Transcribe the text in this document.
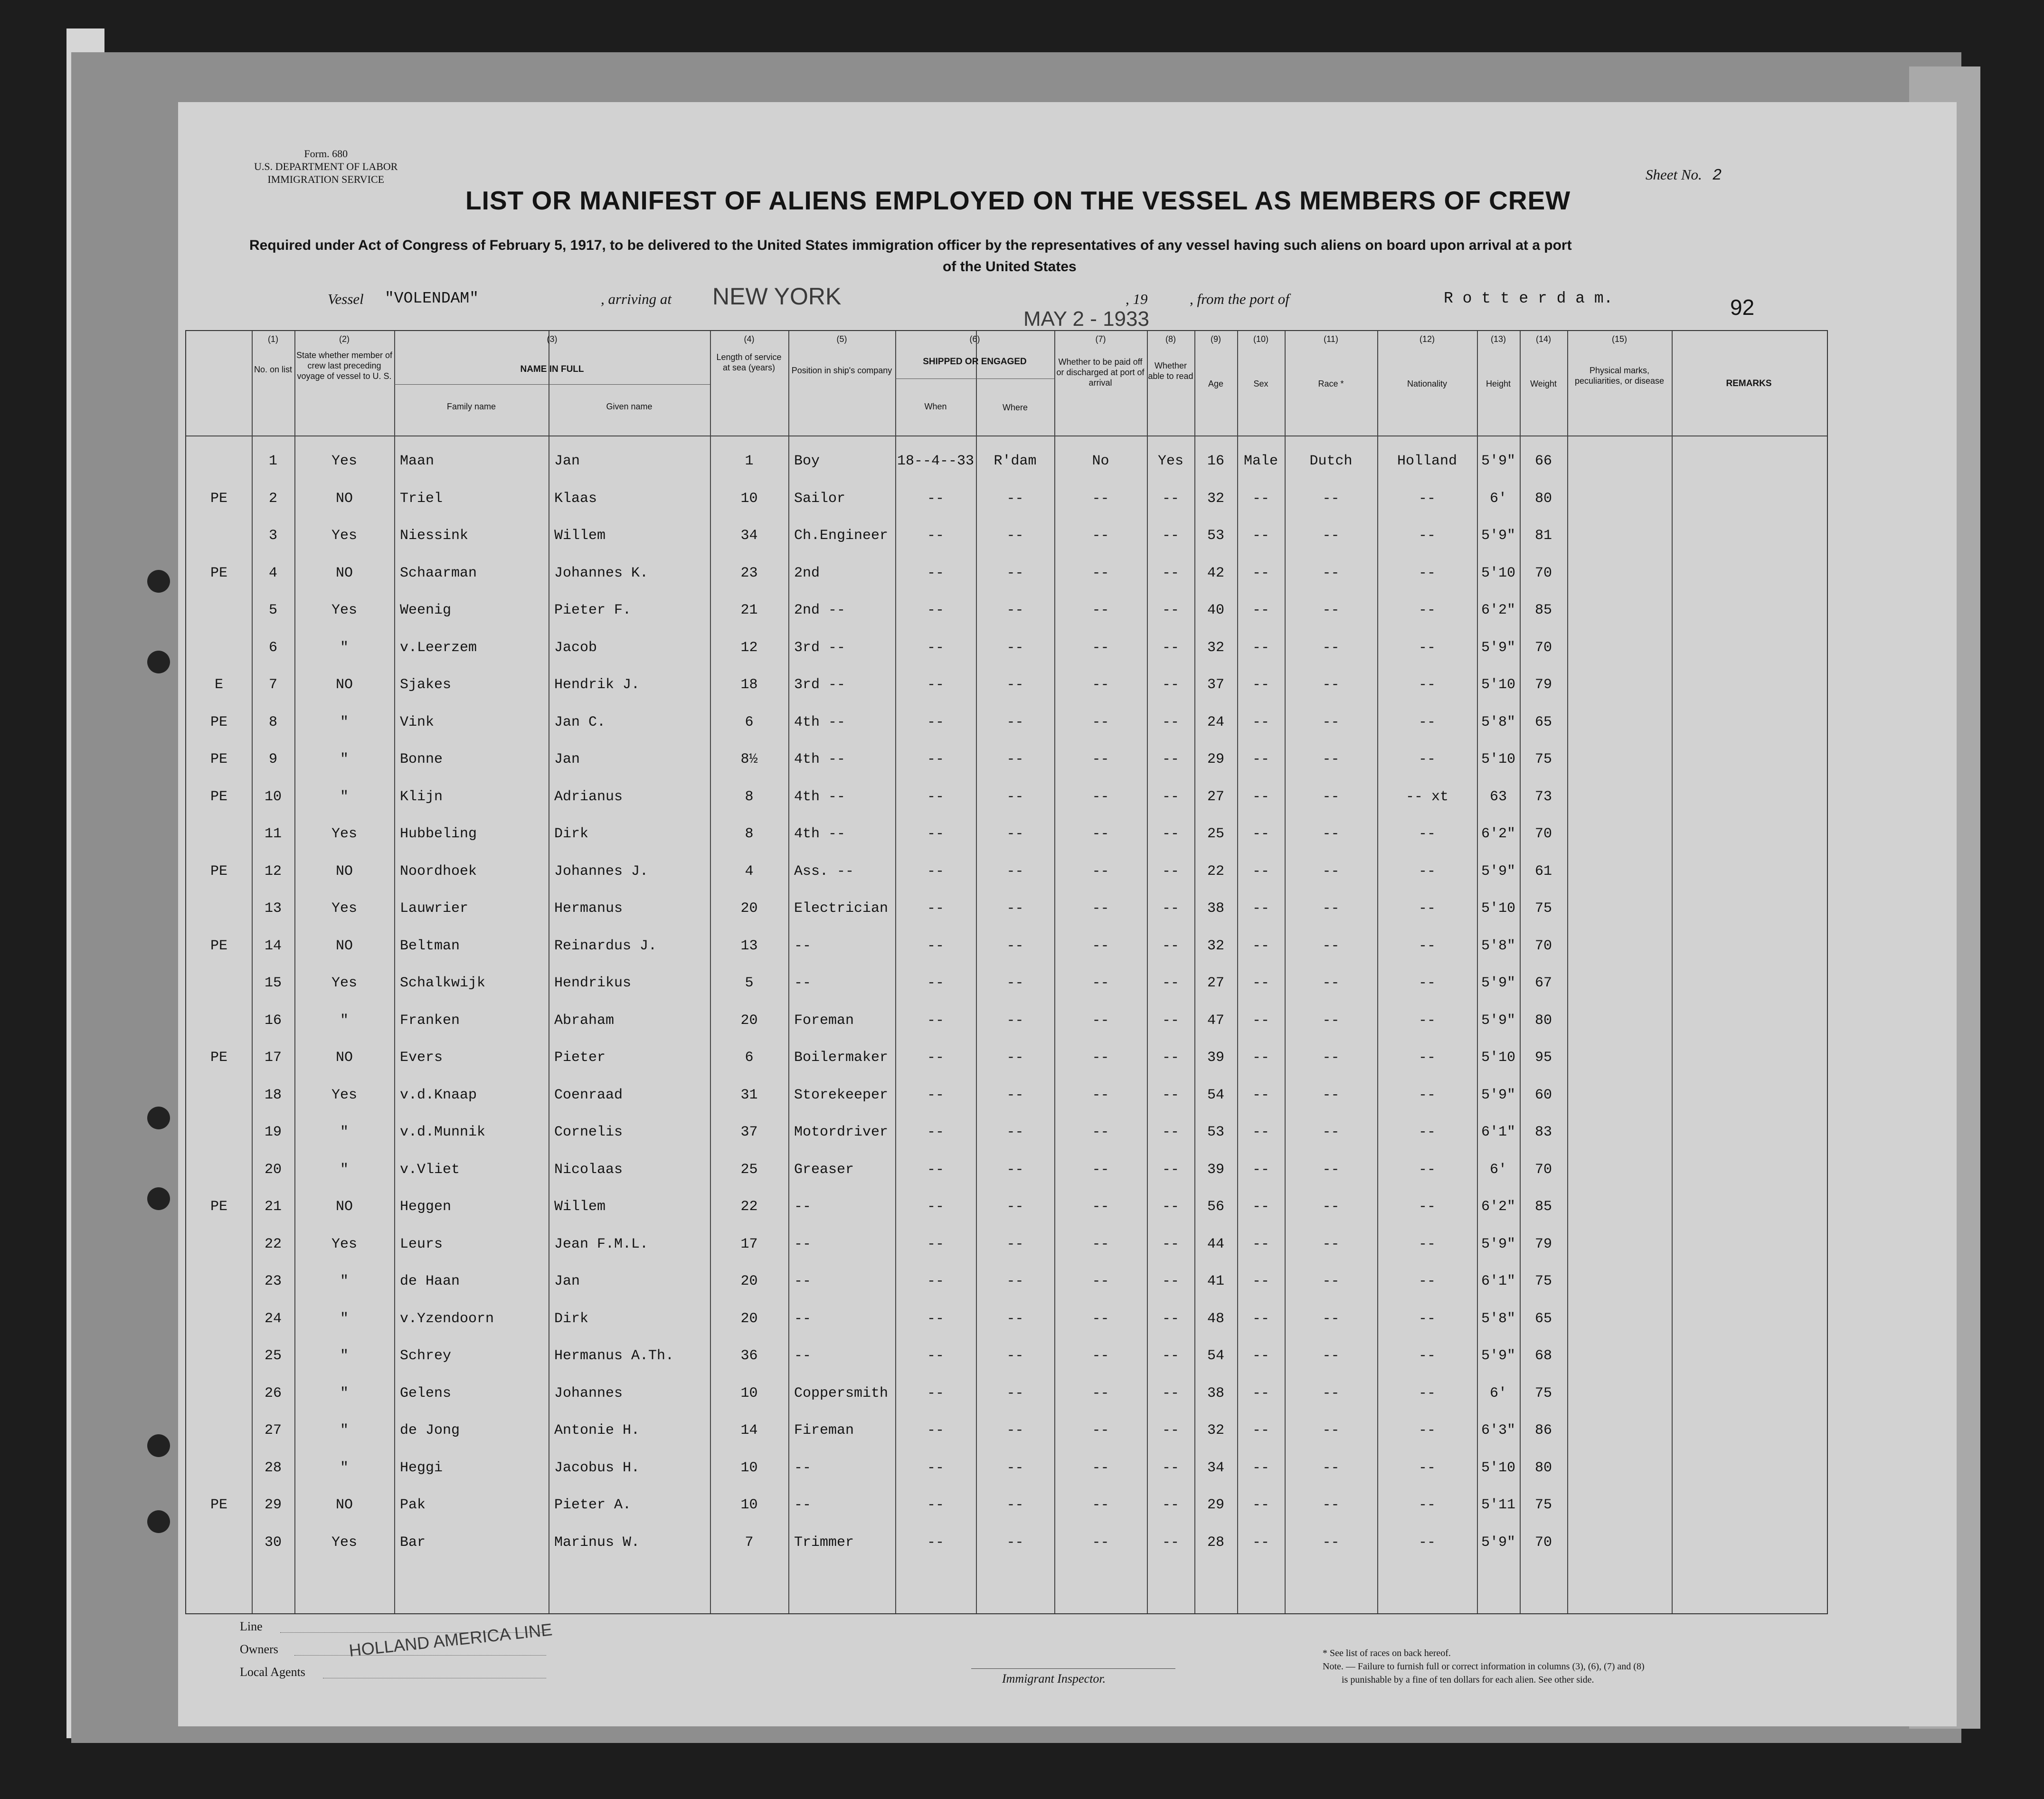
Form. 680
U.S. DEPARTMENT OF LABOR
IMMIGRATION SERVICE	Sheet No. 2
LIST OR MANIFEST OF ALIENS EMPLOYED ON THE VESSEL AS MEMBERS OF CREW
Required under Act of Congress of February 5, 1917, to be delivered to the United States immigration officer by the representatives of any vessel having such aliens on board upon arrival at a port
of the United States
Vessel "VOLENDAM"	, arriving at NEW YORK	, 19	, from the port of	R o t t e r d a m.
MAY 2 - 1933	92
(1)	(2)	(3)	(4)	(5)	(6)	(7)	(8)	(9)	(10)	(11)	(12)	(13)	(14)	(15)
No. on list
State whether member of crew last preceding voyage of vessel to U. S.
NAME IN FULL
Family name	Given name
Length of service at sea (years)	Position in ship's company
SHIPPED OR ENGAGED
When	Where
Whether to be paid off or discharged at port of arrival
Whether able to read
Age	Sex	Race *	Nationality	Height	Weight
Physical marks, peculiarities, or disease	REMARKS
1	Yes	Maan	Jan	1	Boy	18--4--33	R'dam	No	Yes	16	Male	Dutch	Holland	5'9"	66
PE	2	NO	Triel	Klaas	10	Sailor	--	--	--	--	32	--	--	--	6'	80
3	Yes	Niessink	Willem	34	Ch.Engineer	--	--	--	--	53	--	--	--	5'9"	81
PE	4	NO	Schaarman	Johannes K.	23	2nd	--	--	--	--	42	--	--	--	5'10	70
5	Yes	Weenig	Pieter F.	21	2nd --	--	--	--	--	40	--	--	--	6'2"	85
6	"	v.Leerzem	Jacob	12	3rd --	--	--	--	--	32	--	--	--	5'9"	70
E	7	NO	Sjakes	Hendrik J.	18	3rd --	--	--	--	--	37	--	--	--	5'10	79
PE	8	"	Vink	Jan C.	6	4th --	--	--	--	--	24	--	--	--	5'8"	65
PE	9	"	Bonne	Jan	8½	4th --	--	--	--	--	29	--	--	--	5'10	75
PE	10	"	Klijn	Adrianus	8	4th --	--	--	--	--	27	--	--	-- xt	63	73
11	Yes	Hubbeling	Dirk	8	4th --	--	--	--	--	25	--	--	--	6'2"	70
PE	12	NO	Noordhoek	Johannes J.	4	Ass. --	--	--	--	--	22	--	--	--	5'9"	61
13	Yes	Lauwrier	Hermanus	20	Electrician	--	--	--	--	38	--	--	--	5'10	75
PE	14	NO	Beltman	Reinardus J.	13	--	--	--	--	--	32	--	--	--	5'8"	70
15	Yes	Schalkwijk	Hendrikus	5	--	--	--	--	--	27	--	--	--	5'9"	67
16	"	Franken	Abraham	20	Foreman	--	--	--	--	47	--	--	--	5'9"	80
PE	17	NO	Evers	Pieter	6	Boilermaker	--	--	--	--	39	--	--	--	5'10	95
18	Yes	v.d.Knaap	Coenraad	31	Storekeeper	--	--	--	--	54	--	--	--	5'9"	60
19	"	v.d.Munnik	Cornelis	37	Motordriver	--	--	--	--	53	--	--	--	6'1"	83
20	"	v.Vliet	Nicolaas	25	Greaser	--	--	--	--	39	--	--	--	6'	70
PE	21	NO	Heggen	Willem	22	--	--	--	--	--	56	--	--	--	6'2"	85
22	Yes	Leurs	Jean F.M.L.	17	--	--	--	--	--	44	--	--	--	5'9"	79
23	"	de Haan	Jan	20	--	--	--	--	--	41	--	--	--	6'1"	75
24	"	v.Yzendoorn	Dirk	20	--	--	--	--	--	48	--	--	--	5'8"	65
25	"	Schrey	Hermanus A.Th.	36	--	--	--	--	--	54	--	--	--	5'9"	68
26	"	Gelens	Johannes	10	Coppersmith	--	--	--	--	38	--	--	--	6'	75
27	"	de Jong	Antonie H.	14	Fireman	--	--	--	--	32	--	--	--	6'3"	86
28	"	Heggi	Jacobus H.	10	--	--	--	--	--	34	--	--	--	5'10	80
PE	29	NO	Pak	Pieter A.	10	--	--	--	--	--	29	--	--	--	5'11	75
30	Yes	Bar	Marinus W.	7	Trimmer	--	--	--	--	28	--	--	--	5'9"	70
Line
Owners
Local Agents
HOLLAND AMERICA LINE
Immigrant Inspector.
* See list of races on back hereof.
Note. — Failure to furnish full or correct information in columns (3), (6), (7) and (8)
is punishable by a fine of ten dollars for each alien. See other side.
